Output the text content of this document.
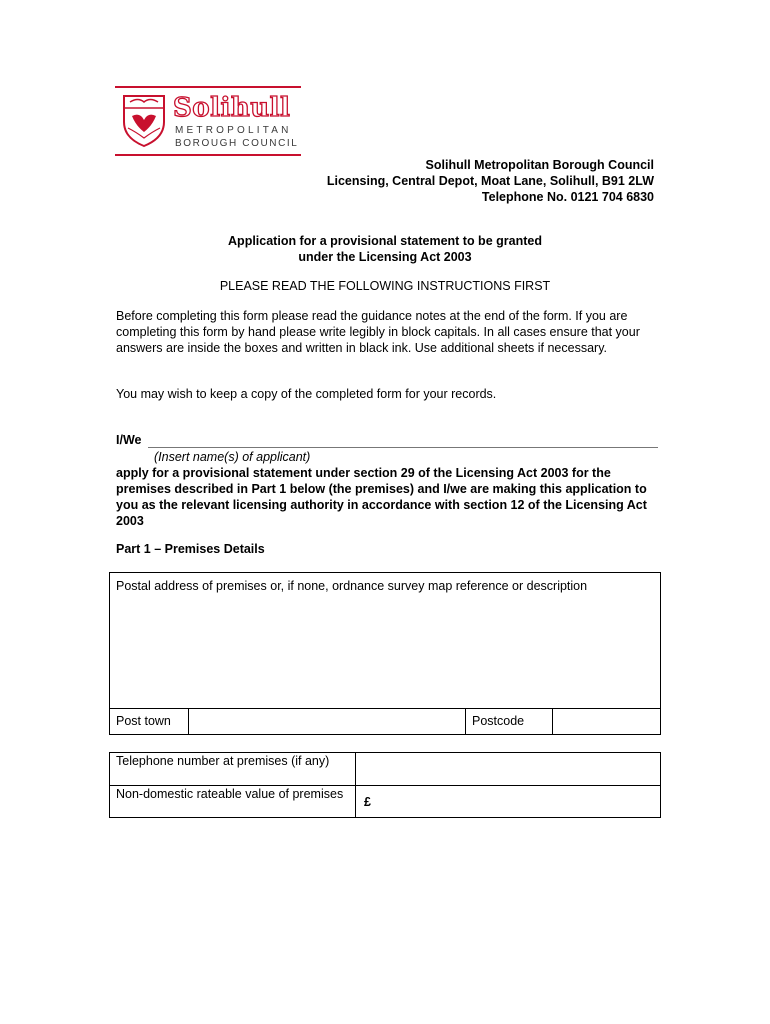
Solihull
METROPOLITAN
BOROUGH COUNCIL
Solihull Metropolitan Borough Council
Licensing, Central Depot, Moat Lane, Solihull, B91 2LW
Telephone No. 0121 704 6830
Application for a provisional statement to be granted
under the Licensing Act 2003
PLEASE READ THE FOLLOWING INSTRUCTIONS FIRST
Before completing this form please read the guidance notes at the end of the form. If you are completing this form by hand please write legibly in block capitals. In all cases ensure that your answers are inside the boxes and written in black ink. Use additional sheets if necessary.
You may wish to keep a copy of the completed form for your records.
I/We
(Insert name(s) of applicant)
apply for a provisional statement under section 29 of the Licensing Act 2003 for the premises described in Part 1 below (the premises) and I/we are making this application to you as the relevant licensing authority in accordance with section 12 of the Licensing Act 2003
Part 1 – Premises Details
Postal address of premises or, if none, ordnance survey map reference or description
Post town	Postcode
Telephone number at premises (if any)
Non-domestic rateable value of premises
£
